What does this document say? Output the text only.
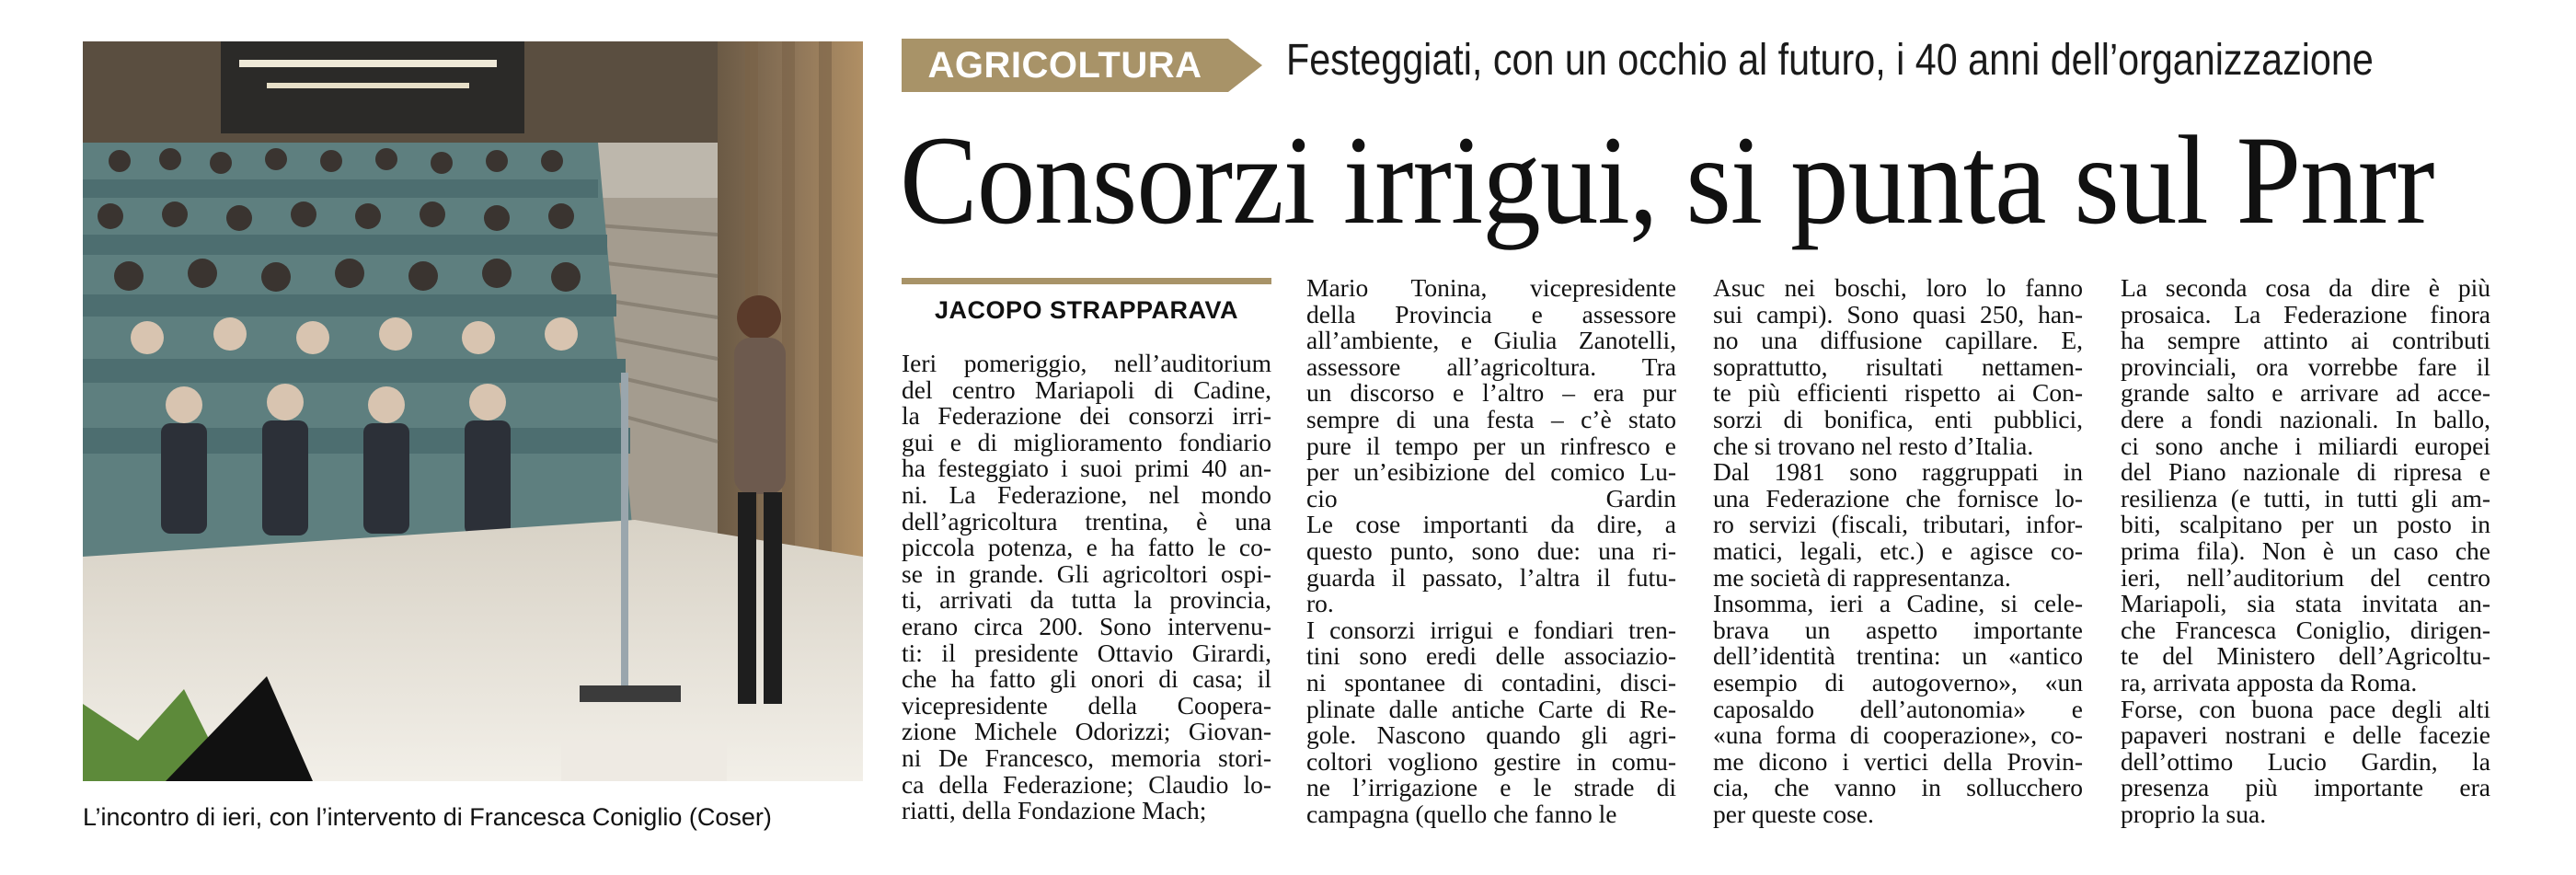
L’incontro di ieri, con l’intervento di Francesca Coniglio (Coser)
AGRICOLTURA	Festeggiati, con un occhio al futuro, i 40 anni dell’organizzazione
Consorzi irrigui, si punta sul Pnrr
JACOPO STRAPPARAVA
Ieri pomeriggio, nell’auditorium
del centro Mariapoli di Cadine,
la Federazione dei consorzi irri-
gui e di miglioramento fondiario
ha festeggiato i suoi primi 40 an-
ni. La Federazione, nel mondo
dell’agricoltura trentina, è una
piccola potenza, e ha fatto le co-
se in grande. Gli agricoltori ospi-
ti, arrivati da tutta la provincia,
erano circa 200. Sono intervenu-
ti: il presidente Ottavio Girardi,
che ha fatto gli onori di casa; il
vicepresidente della Coopera-
zione Michele Odorizzi; Giovan-
ni De Francesco, memoria stori-
ca della Federazione; Claudio lo-
riatti, della Fondazione Mach;
Mario Tonina, vicepresidente
della Provincia e assessore
all’ambiente, e Giulia Zanotelli,
assessore all’agricoltura. Tra
un discorso e l’altro – era pur
sempre di una festa – c’è stato
pure il tempo per un rinfresco e
per un’esibizione del comico Lu-
cio Gardin
Le cose importanti da dire, a
questo punto, sono due: una ri-
guarda il passato, l’altra il futu-
ro.
I consorzi irrigui e fondiari tren-
tini sono eredi delle associazio-
ni spontanee di contadini, disci-
plinate dalle antiche Carte di Re-
gole. Nascono quando gli agri-
coltori vogliono gestire in comu-
ne l’irrigazione e le strade di
campagna (quello che fanno le
Asuc nei boschi, loro lo fanno
sui campi). Sono quasi 250, han-
no una diffusione capillare. E,
soprattutto, risultati nettamen-
te più efficienti rispetto ai Con-
sorzi di bonifica, enti pubblici,
che si trovano nel resto d’Italia.
Dal 1981 sono raggruppati in
una Federazione che fornisce lo-
ro servizi (fiscali, tributari, infor-
matici, legali, etc.) e agisce co-
me società di rappresentanza.
Insomma, ieri a Cadine, si cele-
brava un aspetto importante
dell’identità trentina: un «antico
esempio di autogoverno», «un
caposaldo dell’autonomia» e
«una forma di cooperazione», co-
me dicono i vertici della Provin-
cia, che vanno in sollucchero
per queste cose.
La seconda cosa da dire è più
prosaica. La Federazione finora
ha sempre attinto ai contributi
provinciali, ora vorrebbe fare il
grande salto e arrivare ad acce-
dere a fondi nazionali. In ballo,
ci sono anche i miliardi europei
del Piano nazionale di ripresa e
resilienza (e tutti, in tutti gli am-
biti, scalpitano per un posto in
prima fila). Non è un caso che
ieri, nell’auditorium del centro
Mariapoli, sia stata invitata an-
che Francesca Coniglio, dirigen-
te del Ministero dell’Agricoltu-
ra, arrivata apposta da Roma.
Forse, con buona pace degli alti
papaveri nostrani e delle facezie
dell’ottimo Lucio Gardin, la
presenza più importante era
proprio la sua.
